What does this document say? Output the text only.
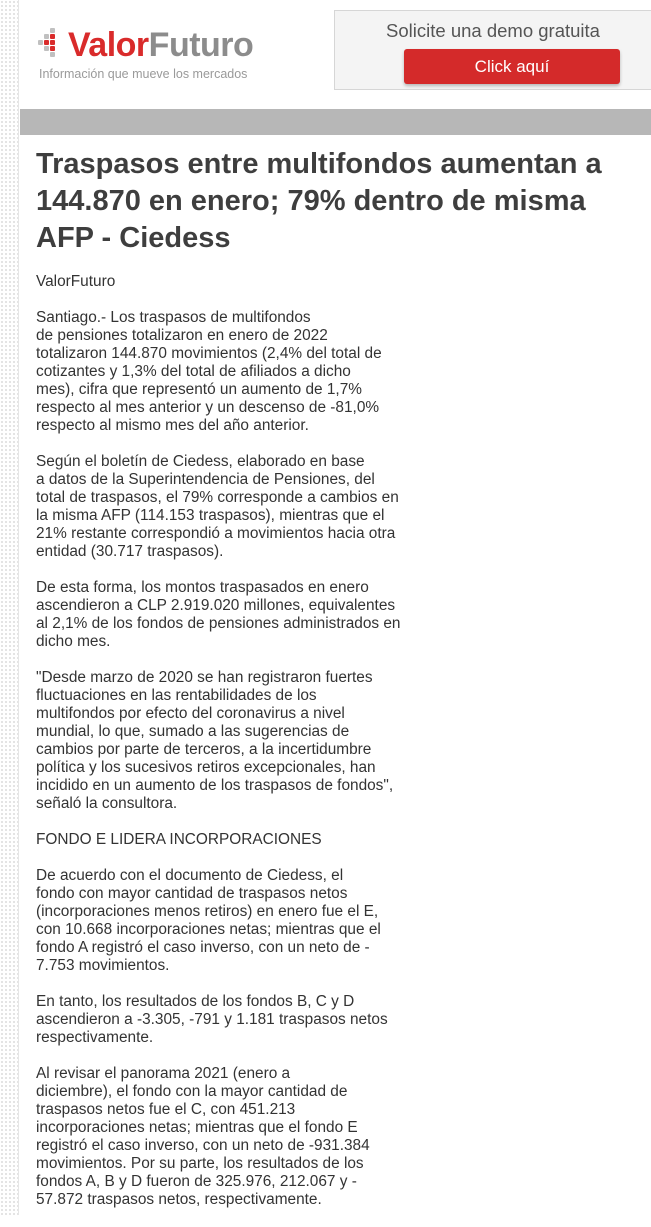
ValorFuturo
Información que mueve los mercados
Solicite una demo gratuita
Click aquí
Traspasos entre multifondos aumentan a 144.870 en enero; 79% dentro de misma AFP - Ciedess

ValorFuturo

Santiago.- Los traspasos de multifondos
de pensiones totalizaron en enero de 2022
totalizaron 144.870 movimientos (2,4% del total de
cotizantes y 1,3% del total de afiliados a dicho
mes), cifra que representó un aumento de 1,7%
respecto al mes anterior y un descenso de -81,0%
respecto al mismo mes del año anterior.

Según el boletín de Ciedess, elaborado en base
a datos de la Superintendencia de Pensiones, del
total de traspasos, el 79% corresponde a cambios en
la misma AFP (114.153 traspasos), mientras que el
21% restante correspondió a movimientos hacia otra
entidad (30.717 traspasos).

De esta forma, los montos traspasados en enero
ascendieron a CLP 2.919.020 millones, equivalentes
al 2,1% de los fondos de pensiones administrados en
dicho mes.

"Desde marzo de 2020 se han registraron fuertes
fluctuaciones en las rentabilidades de los
multifondos por efecto del coronavirus a nivel
mundial, lo que, sumado a las sugerencias de
cambios por parte de terceros, a la incertidumbre
política y los sucesivos retiros excepcionales, han
incidido en un aumento de los traspasos de fondos",
señaló la consultora.

FONDO E LIDERA INCORPORACIONES

De acuerdo con el documento de Ciedess, el
fondo con mayor cantidad de traspasos netos
(incorporaciones menos retiros) en enero fue el E,
con 10.668 incorporaciones netas; mientras que el
fondo A registró el caso inverso, con un neto de -
7.753 movimientos.

En tanto, los resultados de los fondos B, C y D
ascendieron a -3.305, -791 y 1.181 traspasos netos
respectivamente.

Al revisar el panorama 2021 (enero a
diciembre), el fondo con la mayor cantidad de
traspasos netos fue el C, con 451.213
incorporaciones netas; mientras que el fondo E
registró el caso inverso, con un neto de -931.384
movimientos. Por su parte, los resultados de los
fondos A, B y D fueron de 325.976, 212.067 y -
57.872 traspasos netos, respectivamente.
